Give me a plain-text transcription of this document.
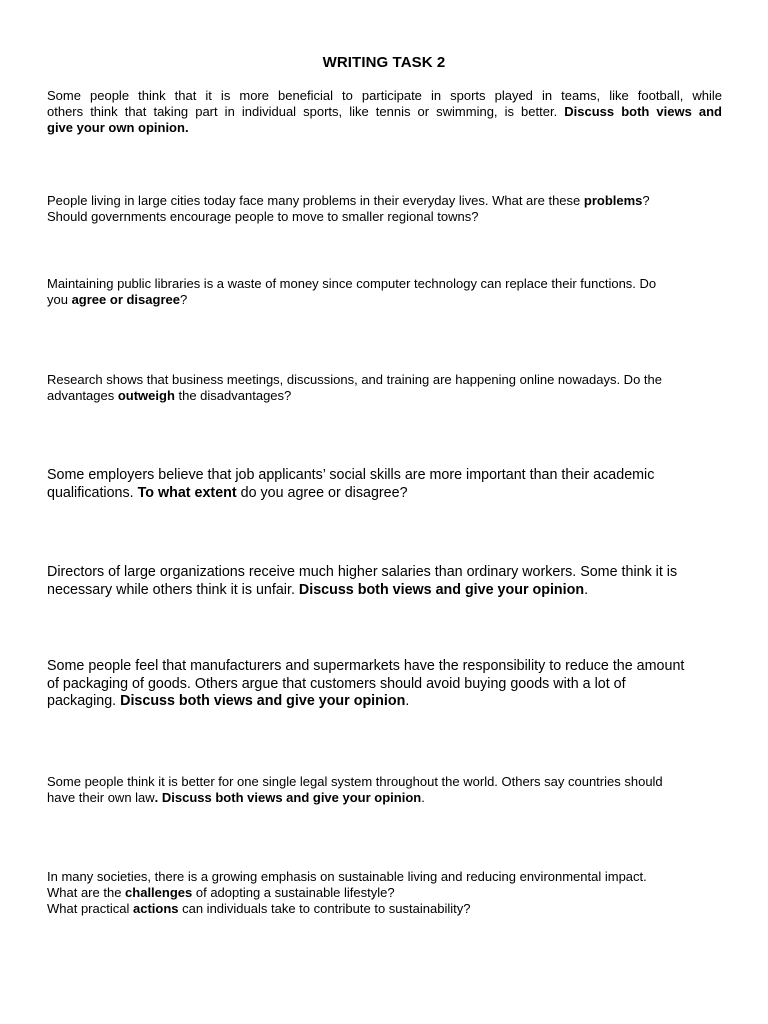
WRITING TASK 2
Some people think that it is more beneficial to participate in sports played in teams, like football, while
others think that taking part in individual sports, like tennis or swimming, is better. Discuss both views and
give your own opinion.
People living in large cities today face many problems in their everyday lives. What are these problems?
Should governments encourage people to move to smaller regional towns?
Maintaining public libraries is a waste of money since computer technology can replace their functions. Do
you agree or disagree?
Research shows that business meetings, discussions, and training are happening online nowadays. Do the
advantages outweigh the disadvantages?
Some employers believe that job applicants’ social skills are more important than their academic
qualifications. To what extent do you agree or disagree?
Directors of large organizations receive much higher salaries than ordinary workers. Some think it is
necessary while others think it is unfair. Discuss both views and give your opinion.
Some people feel that manufacturers and supermarkets have the responsibility to reduce the amount
of packaging of goods. Others argue that customers should avoid buying goods with a lot of
packaging. Discuss both views and give your opinion.
Some people think it is better for one single legal system throughout the world. Others say countries should
have their own law. Discuss both views and give your opinion.
In many societies, there is a growing emphasis on sustainable living and reducing environmental impact.
What are the challenges of adopting a sustainable lifestyle?
What practical actions can individuals take to contribute to sustainability?
